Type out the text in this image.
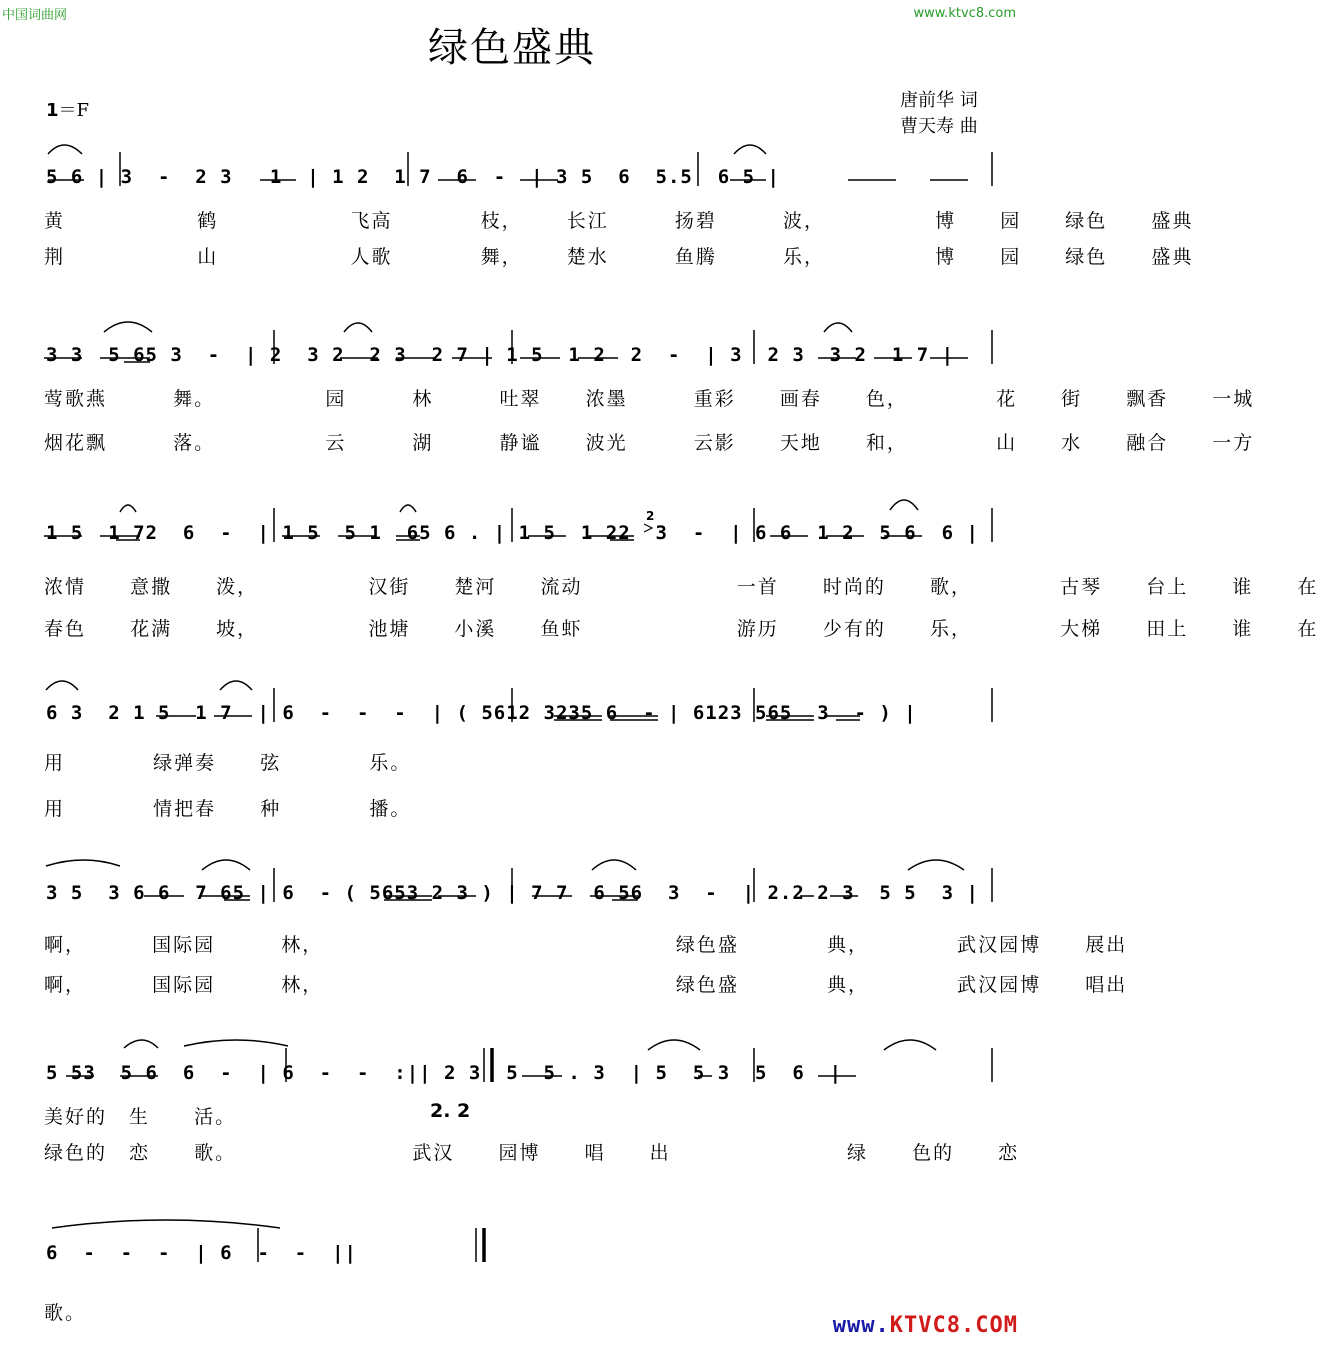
中国词曲网	www.ktvc8.com
www.KTVC8.COM
绿色盛典
唐前华 词
曹天寿 曲
1＝F
5 6 | 3  -  2 3   1  | 1 2  1 7  6  -  | 3 5  6  5.5  6 5 |
黄      鹤      飞高    枝，  长江   扬碧   波，     博  园  绿色  盛典
荆      山      人歌    舞，  楚水   鱼腾   乐，     博  园  绿色  盛典
3 3  5 65 3  -  | 2  3 2  2 3  2 7 | 1 5  1 2  2  -  | 3  2 3  3 2  1 7 |
莺歌燕   舞。     园   林   吐翠  浓墨   重彩  画春  色，    花  街  飘香  一城
烟花飘   落。     云   湖   静谧  波光   云影  天地  和，    山  水  融合  一方
2
1 5  1 72  6  -  | 1 5  5 1  65 6 . | 1 5  1 22  3  -  | 6 6  1 2  5 6  6 |
浓情  意撒  泼，     汉街  楚河  流动       一首  时尚的  歌，    古琴  台上  谁  在
春色  花满  坡，     池塘  小溪  鱼虾       游历  少有的  乐，    大梯  田上  谁  在
6 3  2 1 5  1 7  | 6  -  -  -  | ( 5612 3235 6  - | 6123 565  3  - ) |
用    绿弹奏  弦    乐。
用    情把春  种    播。
3 5  3 6 6  7 65 | 6  - ( 5653 2 3 ) | 7 7  6 56  3  -  | 2.2 2 3  5 5  3 |
啊，   国际园   林，                绿色盛    典，    武汉园博  展出
啊，   国际园   林，                绿色盛    典，    武汉园博  唱出
5 53  5 6  6  -  | 6  -  -  :|| 2 3  5  5 . 3  | 5  5 3  5  6  |
2. 2
美好的 生  活。
绿色的 恋  歌。        武汉  园博  唱  出        绿  色的  恋
6  -  -  -  | 6  -  -  ||
歌。
